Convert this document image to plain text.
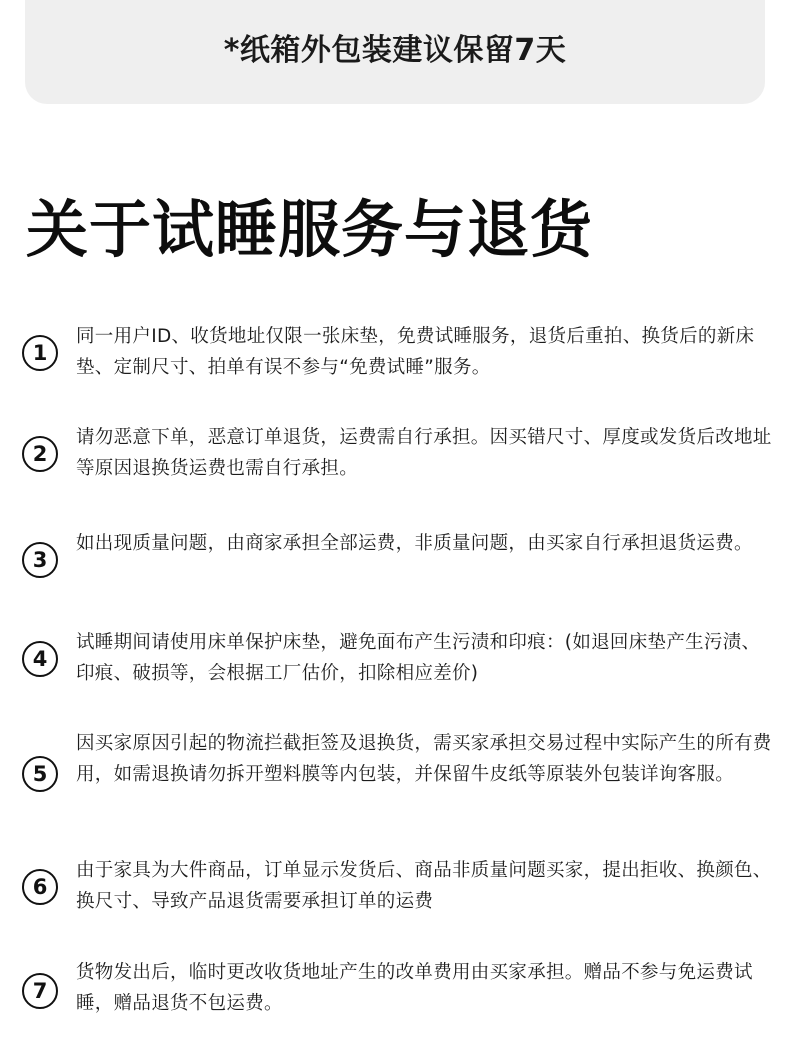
*纸箱外包装建议保留7天
关于试睡服务与退货
1

同一用户ID、收货地址仅限一张床垫，免费试睡服务，退货后重拍、换货后的新床垫、定制尺寸、拍单有误不参与“免费试睡”服务。

2

请勿恶意下单，恶意订单退货，运费需自行承担。因买错尺寸、厚度或发货后改地址等原因退换货运费也需自行承担。

3

如出现质量问题，由商家承担全部运费，非质量问题，由买家自行承担退货运费。

4

试睡期间请使用床单保护床垫，避免面布产生污渍和印痕：(如退回床垫产生污渍、印痕、破损等，会根据工厂估价，扣除相应差价)

5

因买家原因引起的物流拦截拒签及退换货，需买家承担交易过程中实际产生的所有费用，如需退换请勿拆开塑料膜等内包装，并保留牛皮纸等原装外包装详询客服。

6

由于家具为大件商品，订单显示发货后、商品非质量问题买家，提出拒收、换颜色、换尺寸、导致产品退货需要承担订单的运费

7

货物发出后，临时更改收货地址产生的改单费用由买家承担。赠品不参与免运费试睡，赠品退货不包运费。
